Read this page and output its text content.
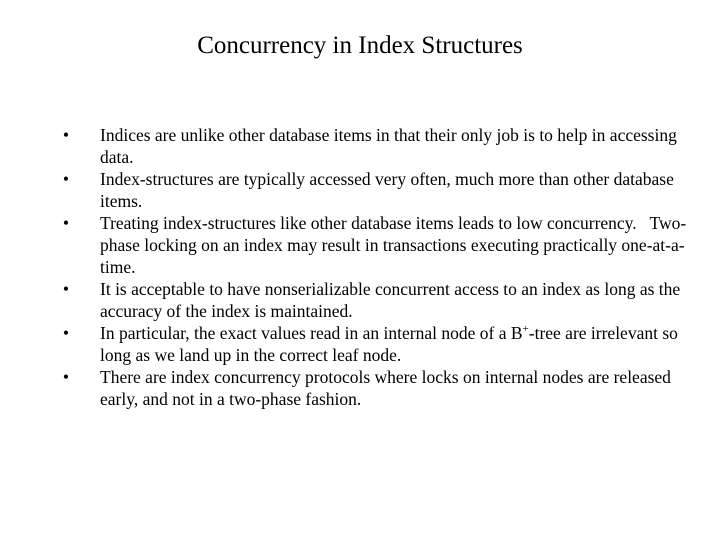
Concurrency in Index Structures
•	Indices are unlike other database items in that their only job is to help in accessing data.
•	Index-structures are typically accessed very often, much more than other database items.
•	Treating index-structures like other database items leads to low concurrency.   Two-phase locking on an index may result in transactions executing practically one-at-a-time.
•	It is acceptable to have nonserializable concurrent access to an index as long as the accuracy of the index is maintained.
•	In particular, the exact values read in an internal node of a B+-tree are irrelevant so long as we land up in the correct leaf node.
•	There are index concurrency protocols where locks on internal nodes are released early, and not in a two-phase fashion.
